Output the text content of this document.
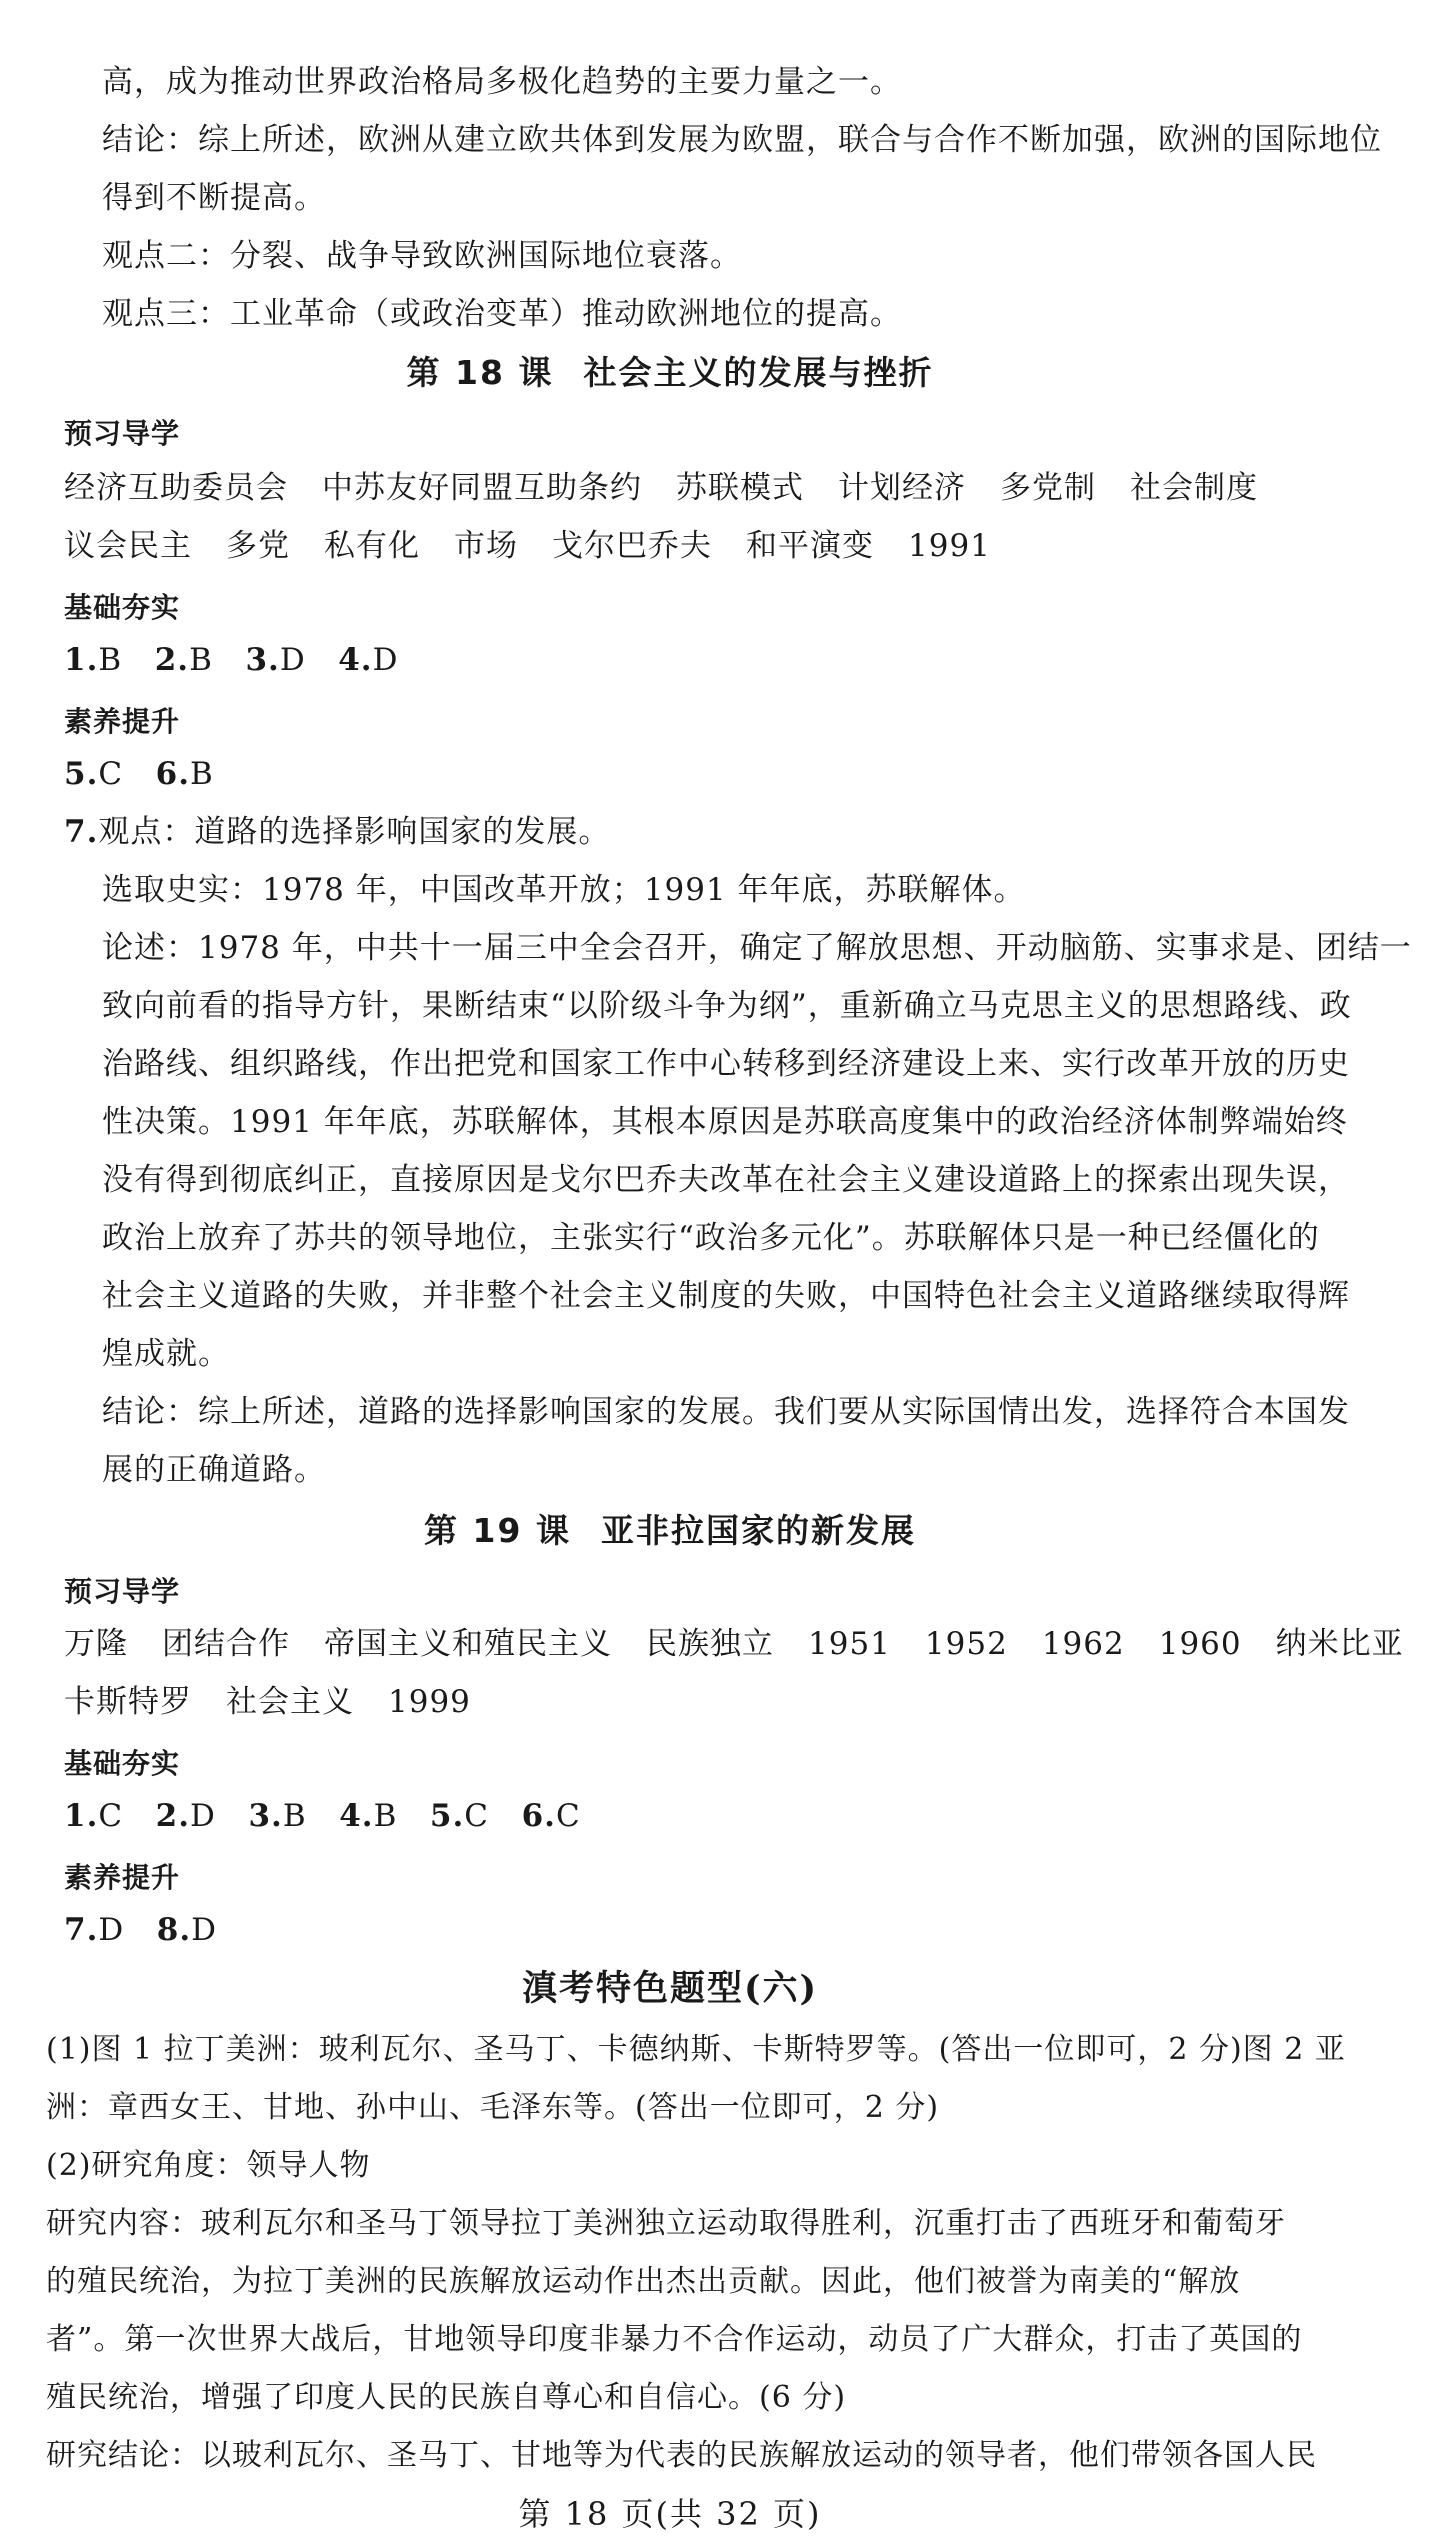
高，成为推动世界政治格局多极化趋势的主要力量之一。
结论：综上所述，欧洲从建立欧共体到发展为欧盟，联合与合作不断加强，欧洲的国际地位
得到不断提高。
观点二：分裂、战争导致欧洲国际地位衰落。
观点三：工业革命（或政治变革）推动欧洲地位的提高。
第 18 课 社会主义的发展与挫折
预习导学
经济互助委员会 中苏友好同盟互助条约 苏联模式 计划经济 多党制 社会制度
议会民主 多党 私有化 市场 戈尔巴乔夫 和平演变 1991
基础夯实
1.B 2.B 3.D 4.D
素养提升
5.C 6.B
7.观点：道路的选择影响国家的发展。
选取史实：1978 年，中国改革开放；1991 年年底，苏联解体。
论述：1978 年，中共十一届三中全会召开，确定了解放思想、开动脑筋、实事求是、团结一
致向前看的指导方针，果断结束“以阶级斗争为纲”，重新确立马克思主义的思想路线、政
治路线、组织路线，作出把党和国家工作中心转移到经济建设上来、实行改革开放的历史
性决策。1991 年年底，苏联解体，其根本原因是苏联高度集中的政治经济体制弊端始终
没有得到彻底纠正，直接原因是戈尔巴乔夫改革在社会主义建设道路上的探索出现失误，
政治上放弃了苏共的领导地位，主张实行“政治多元化”。苏联解体只是一种已经僵化的
社会主义道路的失败，并非整个社会主义制度的失败，中国特色社会主义道路继续取得辉
煌成就。
结论：综上所述，道路的选择影响国家的发展。我们要从实际国情出发，选择符合本国发
展的正确道路。
第 19 课 亚非拉国家的新发展
预习导学
万隆 团结合作 帝国主义和殖民主义 民族独立 1951 1952 1962 1960 纳米比亚
卡斯特罗 社会主义 1999
基础夯实
1.C 2.D 3.B 4.B 5.C 6.C
素养提升
7.D 8.D
滇考特色题型(六)
(1)图 1 拉丁美洲：玻利瓦尔、圣马丁、卡德纳斯、卡斯特罗等。(答出一位即可，2 分)图 2 亚
洲：章西女王、甘地、孙中山、毛泽东等。(答出一位即可，2 分)
(2)研究角度：领导人物
研究内容：玻利瓦尔和圣马丁领导拉丁美洲独立运动取得胜利，沉重打击了西班牙和葡萄牙
的殖民统治，为拉丁美洲的民族解放运动作出杰出贡献。因此，他们被誉为南美的“解放
者”。第一次世界大战后，甘地领导印度非暴力不合作运动，动员了广大群众，打击了英国的
殖民统治，增强了印度人民的民族自尊心和自信心。(6 分)
研究结论：以玻利瓦尔、圣马丁、甘地等为代表的民族解放运动的领导者，他们带领各国人民
第 18 页(共 32 页)
